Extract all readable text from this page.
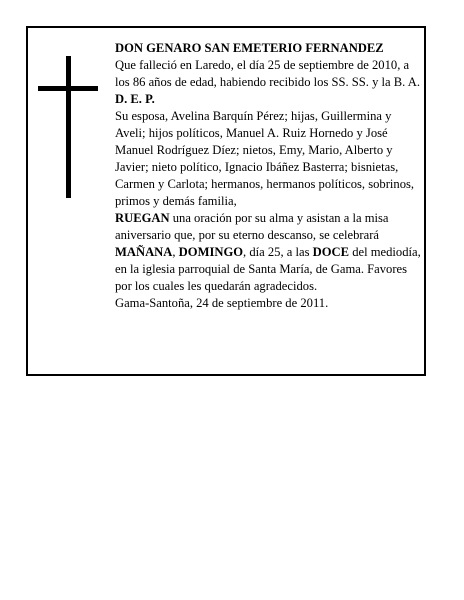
DON GENARO SAN EMETERIO FERNANDEZ

Que falleció en Laredo, el día 25 de septiembre de 2010, a los 86 años de edad, habiendo recibido los SS. SS. y la B. A.

D. E. P.

Su esposa, Avelina Barquín Pérez; hijas, Guillermina y Aveli; hijos políticos, Manuel A. Ruiz Hornedo y José Manuel Rodríguez Díez; nietos, Emy, Mario, Alberto y Javier; nieto político, Ignacio Ibáñez Basterra; bisnietas, Carmen y Carlota; hermanos, hermanos políticos, sobrinos, primos y demás familia,

RUEGAN una oración por su alma y asistan a la misa aniversario que, por su eterno descanso, se celebrará MAÑANA, DOMINGO, día 25, a las DOCE del mediodía, en la iglesia parroquial de Santa María, de Gama. Favores por los cuales les quedarán agradecidos.

Gama-Santoña, 24 de septiembre de 2011.
